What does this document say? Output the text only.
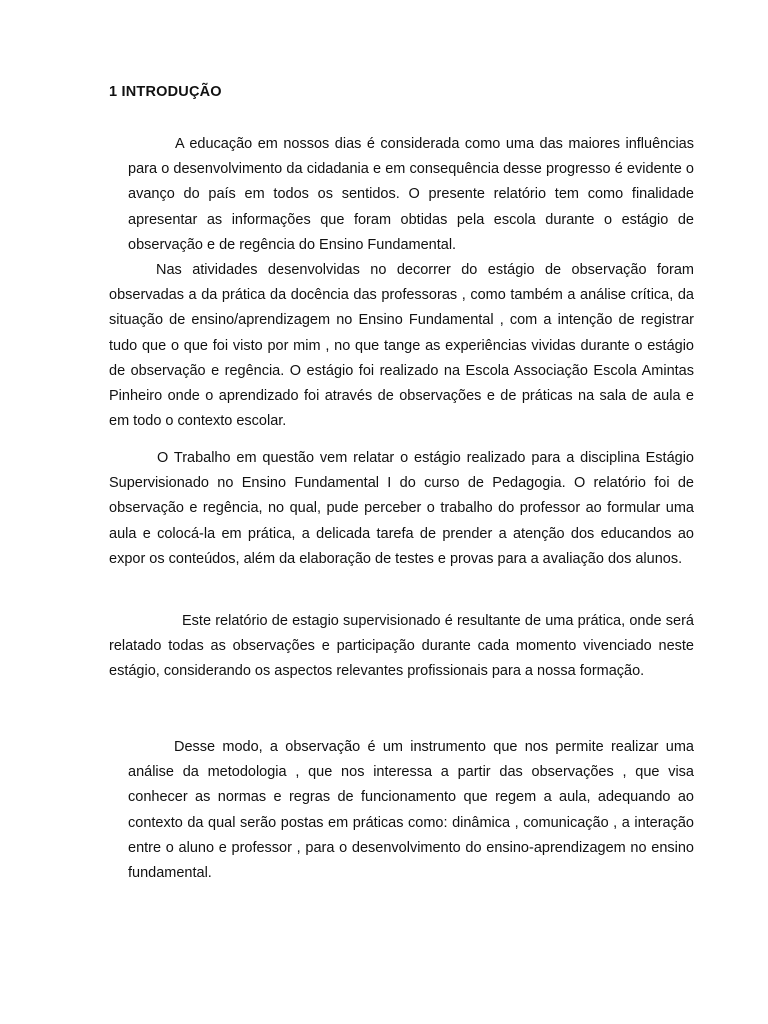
1 INTRODUÇÃO

A educação em nossos dias é considerada como uma das maiores influências para o desenvolvimento da cidadania e em consequência desse progresso é evidente o avanço do país em todos os sentidos. O presente relatório tem como finalidade apresentar as informações que foram obtidas pela escola durante o estágio de observação e de regência do Ensino Fundamental.

Nas atividades desenvolvidas no decorrer do estágio de observação foram observadas a da prática da docência das professoras , como também a análise crítica, da situação de ensino/aprendizagem no Ensino Fundamental , com a intenção de registrar tudo que o que foi visto por mim , no que tange as experiências vividas durante o estágio de observação e regência. O estágio foi realizado na Escola Associação Escola Amintas Pinheiro onde o aprendizado foi através de observações e de práticas na sala de aula e em todo o contexto escolar.

O Trabalho em questão vem relatar o estágio realizado para a disciplina Estágio Supervisionado no Ensino Fundamental I do curso de Pedagogia. O relatório foi de observação e regência, no qual, pude perceber o trabalho do professor ao formular uma aula e colocá-la em prática, a delicada tarefa de prender a atenção dos educandos ao expor os conteúdos, além da elaboração de testes e provas para a avaliação dos alunos.

Este relatório de estagio supervisionado é resultante de uma prática, onde será relatado todas as observações e participação durante cada momento vivenciado neste estágio, considerando os aspectos relevantes profissionais para a nossa formação.

Desse modo, a observação é um instrumento que nos permite realizar uma análise da metodologia , que nos interessa a partir das observações , que visa conhecer as normas e regras de funcionamento que regem a aula, adequando ao contexto da qual serão postas em práticas como: dinâmica , comunicação , a interação entre o aluno e professor , para o desenvolvimento do ensino-aprendizagem no ensino fundamental.
